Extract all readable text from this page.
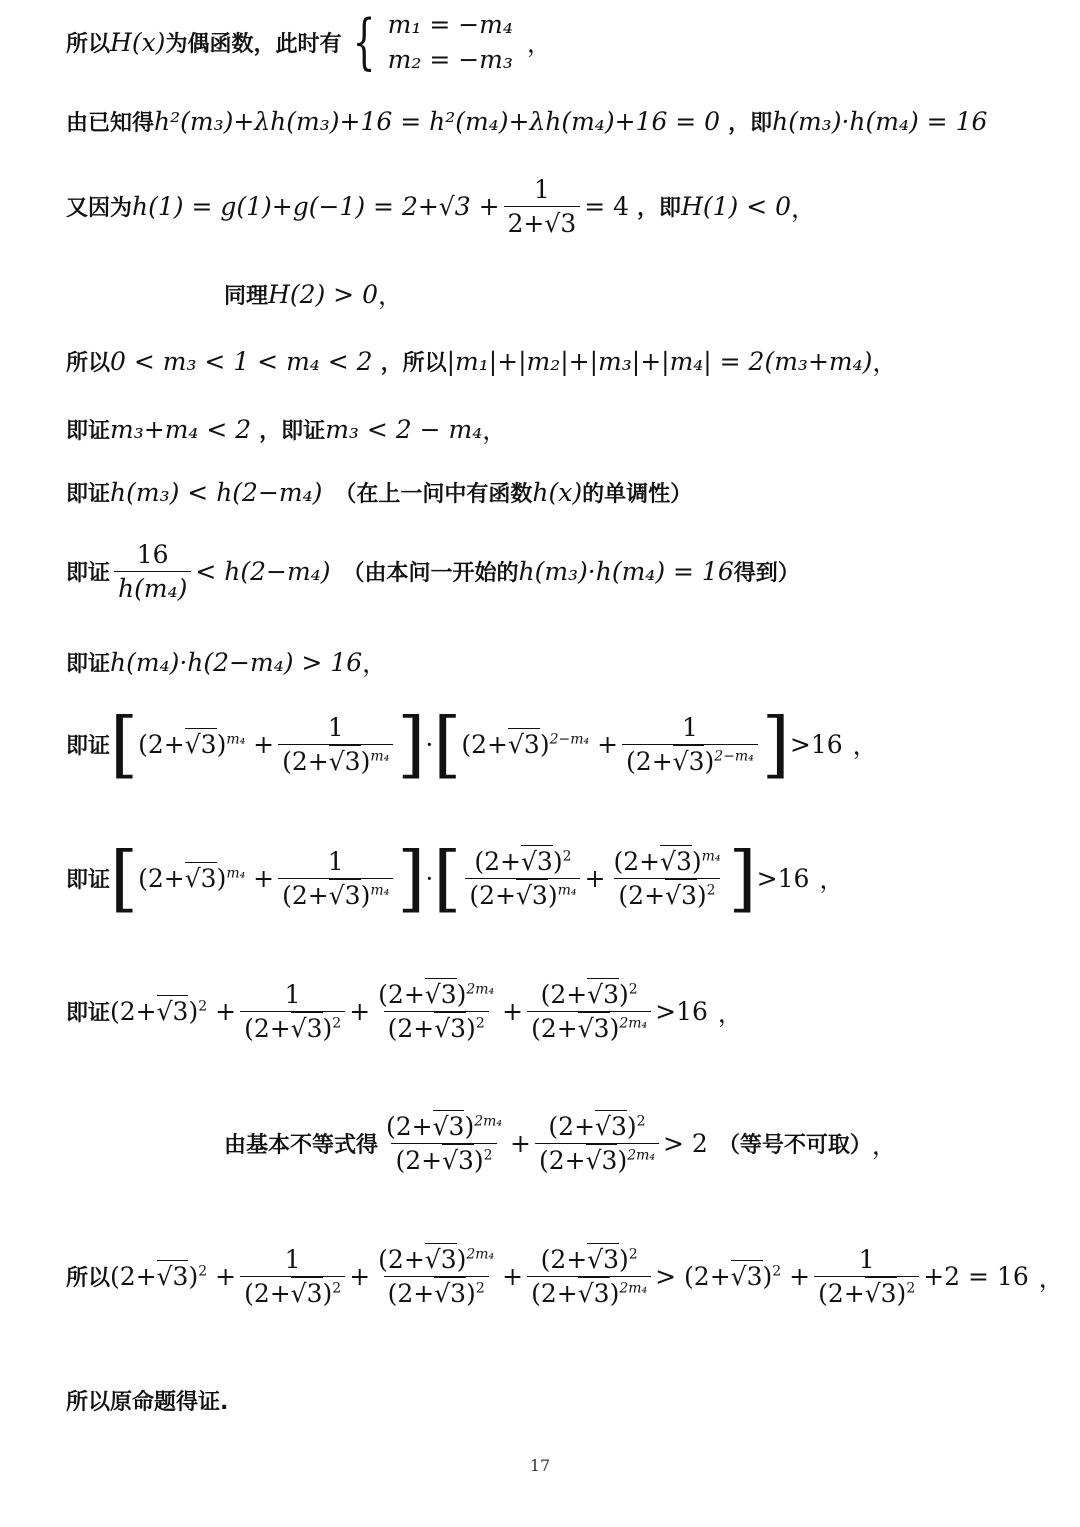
所以 H(x) 为偶函数，此时有 { m₁ = −m₄
m₂ = −m₃
，
由已知得 h²(m₃)+λh(m₃)+16 = h²(m₄)+λh(m₄)+16 = 0 ，即 h(m₃)·h(m₄) = 16
又因为 $h(1) = g(1)+g(-1) = 2+√3 + \frac{1}{2+√3} = 4$ ，即 H(1) < 0 ，
同理 H(2) > 0 ，
所以 0 < m₃ < 1 < m₄ < 2 ，所以 |m₁|+|m₂|+|m₃|+|m₄| = 2(m₃+m₄) ，
即证 m₃+m₄ < 2 ，即证 m₃ < 2 − m₄ ，
即证 h(m₃) < h(2−m₄) （在上一问中有函数 h(x) 的单调性）
即证 $\frac{16}{\text{h(m₄)}} < h(2-m_4)$ （由本问一开始的 h(m₃)·h(m₄) = 16 得到）
即证 h(m₄)·h(2−m₄) > 16 ，
即证 [ $(2+√3)^{m_4} + \frac{1}{(2+√3)^{m_4}}$ ] · [ $(2+√3)^{2-m_4} + \frac{1}{(2+√3)^{2-m_4}}$ ] >16 ，
即证 [ $(2+√3)^{m_4} + \frac{1}{(2+√3)^{m_4}}$ ] · [ $\frac{(2+√3)^2}{(2+√3)^{m_4}} + \frac{(2+√3)^{m_4}}{(2+√3)^2}$ ] >16 ，
即证 $(2+√3)^2 + \frac{1}{(2+√3)^2} + \frac{(2+√3)^{2m_4}}{(2+√3)^2} + \frac{(2+√3)^2}{(2+√3)^{2m_4}} >16$ ，
由基本不等式得 $\frac{(2+√3)^{2m_4}}{(2+√3)^2} + \frac{(2+√3)^2}{(2+√3)^{2m_4}} > 2$ （等号不可取） ，
所以 $(2+√3)^2 + \frac{1}{(2+√3)^2} + \frac{(2+√3)^{2m_4}}{(2+√3)^2} + \frac{(2+√3)^2}{(2+√3)^{2m_4}} > (2+√3)^2 + \frac{1}{(2+√3)^2} +2 = 16$ ，
所以原命题得证.
17
